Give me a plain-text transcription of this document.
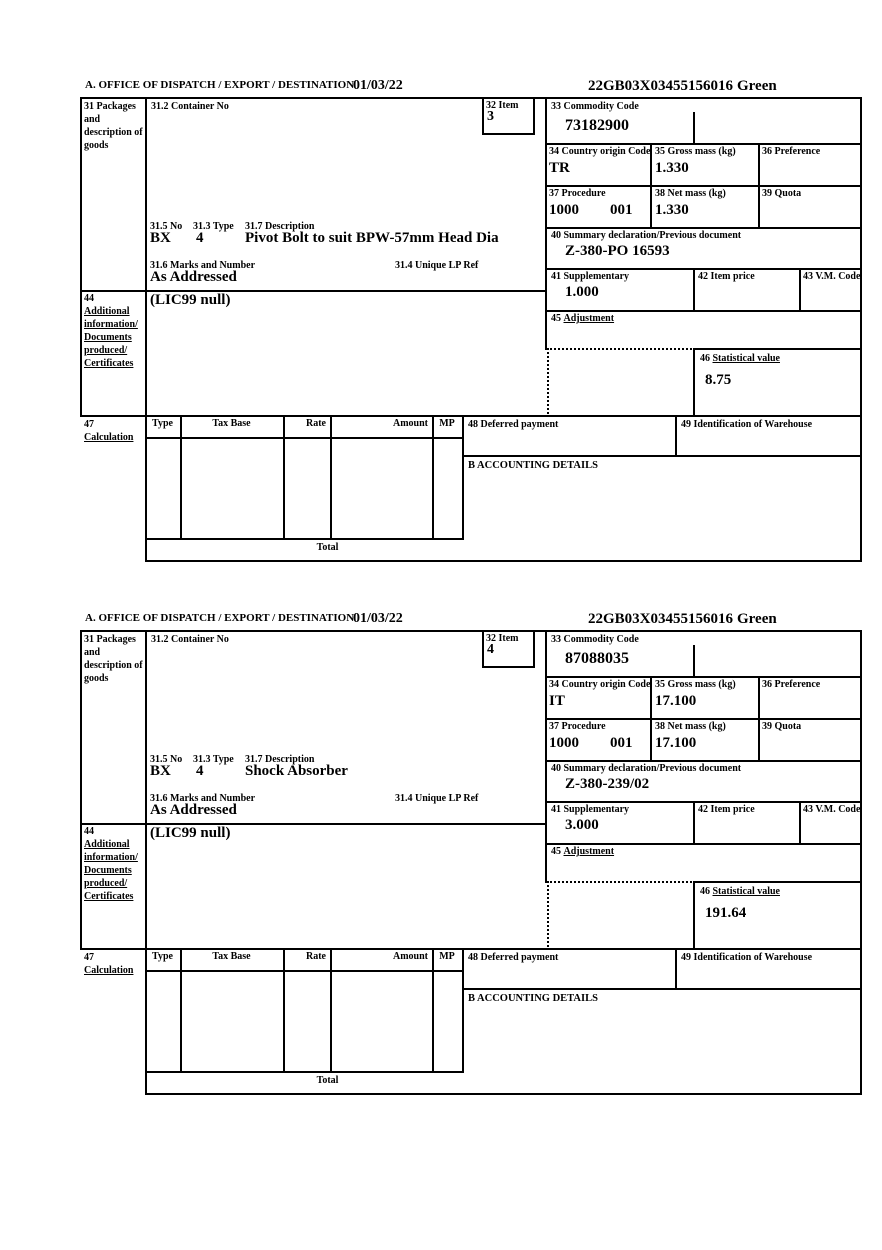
A. OFFICE OF DISPATCH / EXPORT / DESTINATION
01/03/22	22GB03X03455156016 Green
31 Packages and description of goods
44
Additional information/ Documents produced/ Certificates
47
Calculation
31.2 Container No	32 Item
3
31.5 No 31.3 Type 31.7 Description
BX 4	Pivot Bolt to suit BPW-57mm Head Dia
31.6 Marks and Number	31.4 Unique LP Ref
As Addressed
(LIC99 null)
33 Commodity Code
73182900
34 Country origin Code
TR
35 Gross mass (kg)
1.330
36 Preference
37 Procedure
1000 001
38 Net mass (kg)
1.330
39 Quota
40 Summary declaration/Previous document
Z-380-PO 16593
41 Supplementary
1.000
42 Item price	43 V.M. Code
45 Adjustment
46 Statistical value
8.75
Type	Tax Base	Rate	Amount	MP
Total
48 Deferred payment	49 Identification of Warehouse
B ACCOUNTING DETAILS
A. OFFICE OF DISPATCH / EXPORT / DESTINATION
01/03/22	22GB03X03455156016 Green
31 Packages and description of goods
44
Additional information/ Documents produced/ Certificates
47
Calculation
31.2 Container No	32 Item
4
31.5 No 31.3 Type 31.7 Description
BX 4	Shock Absorber
31.6 Marks and Number	31.4 Unique LP Ref
As Addressed
(LIC99 null)
33 Commodity Code
87088035
34 Country origin Code
IT
35 Gross mass (kg)
17.100
36 Preference
37 Procedure
1000 001
38 Net mass (kg)
17.100
39 Quota
40 Summary declaration/Previous document
Z-380-239/02
41 Supplementary
3.000
42 Item price	43 V.M. Code
45 Adjustment
46 Statistical value
191.64
Type	Tax Base	Rate	Amount	MP
Total
48 Deferred payment	49 Identification of Warehouse
B ACCOUNTING DETAILS
